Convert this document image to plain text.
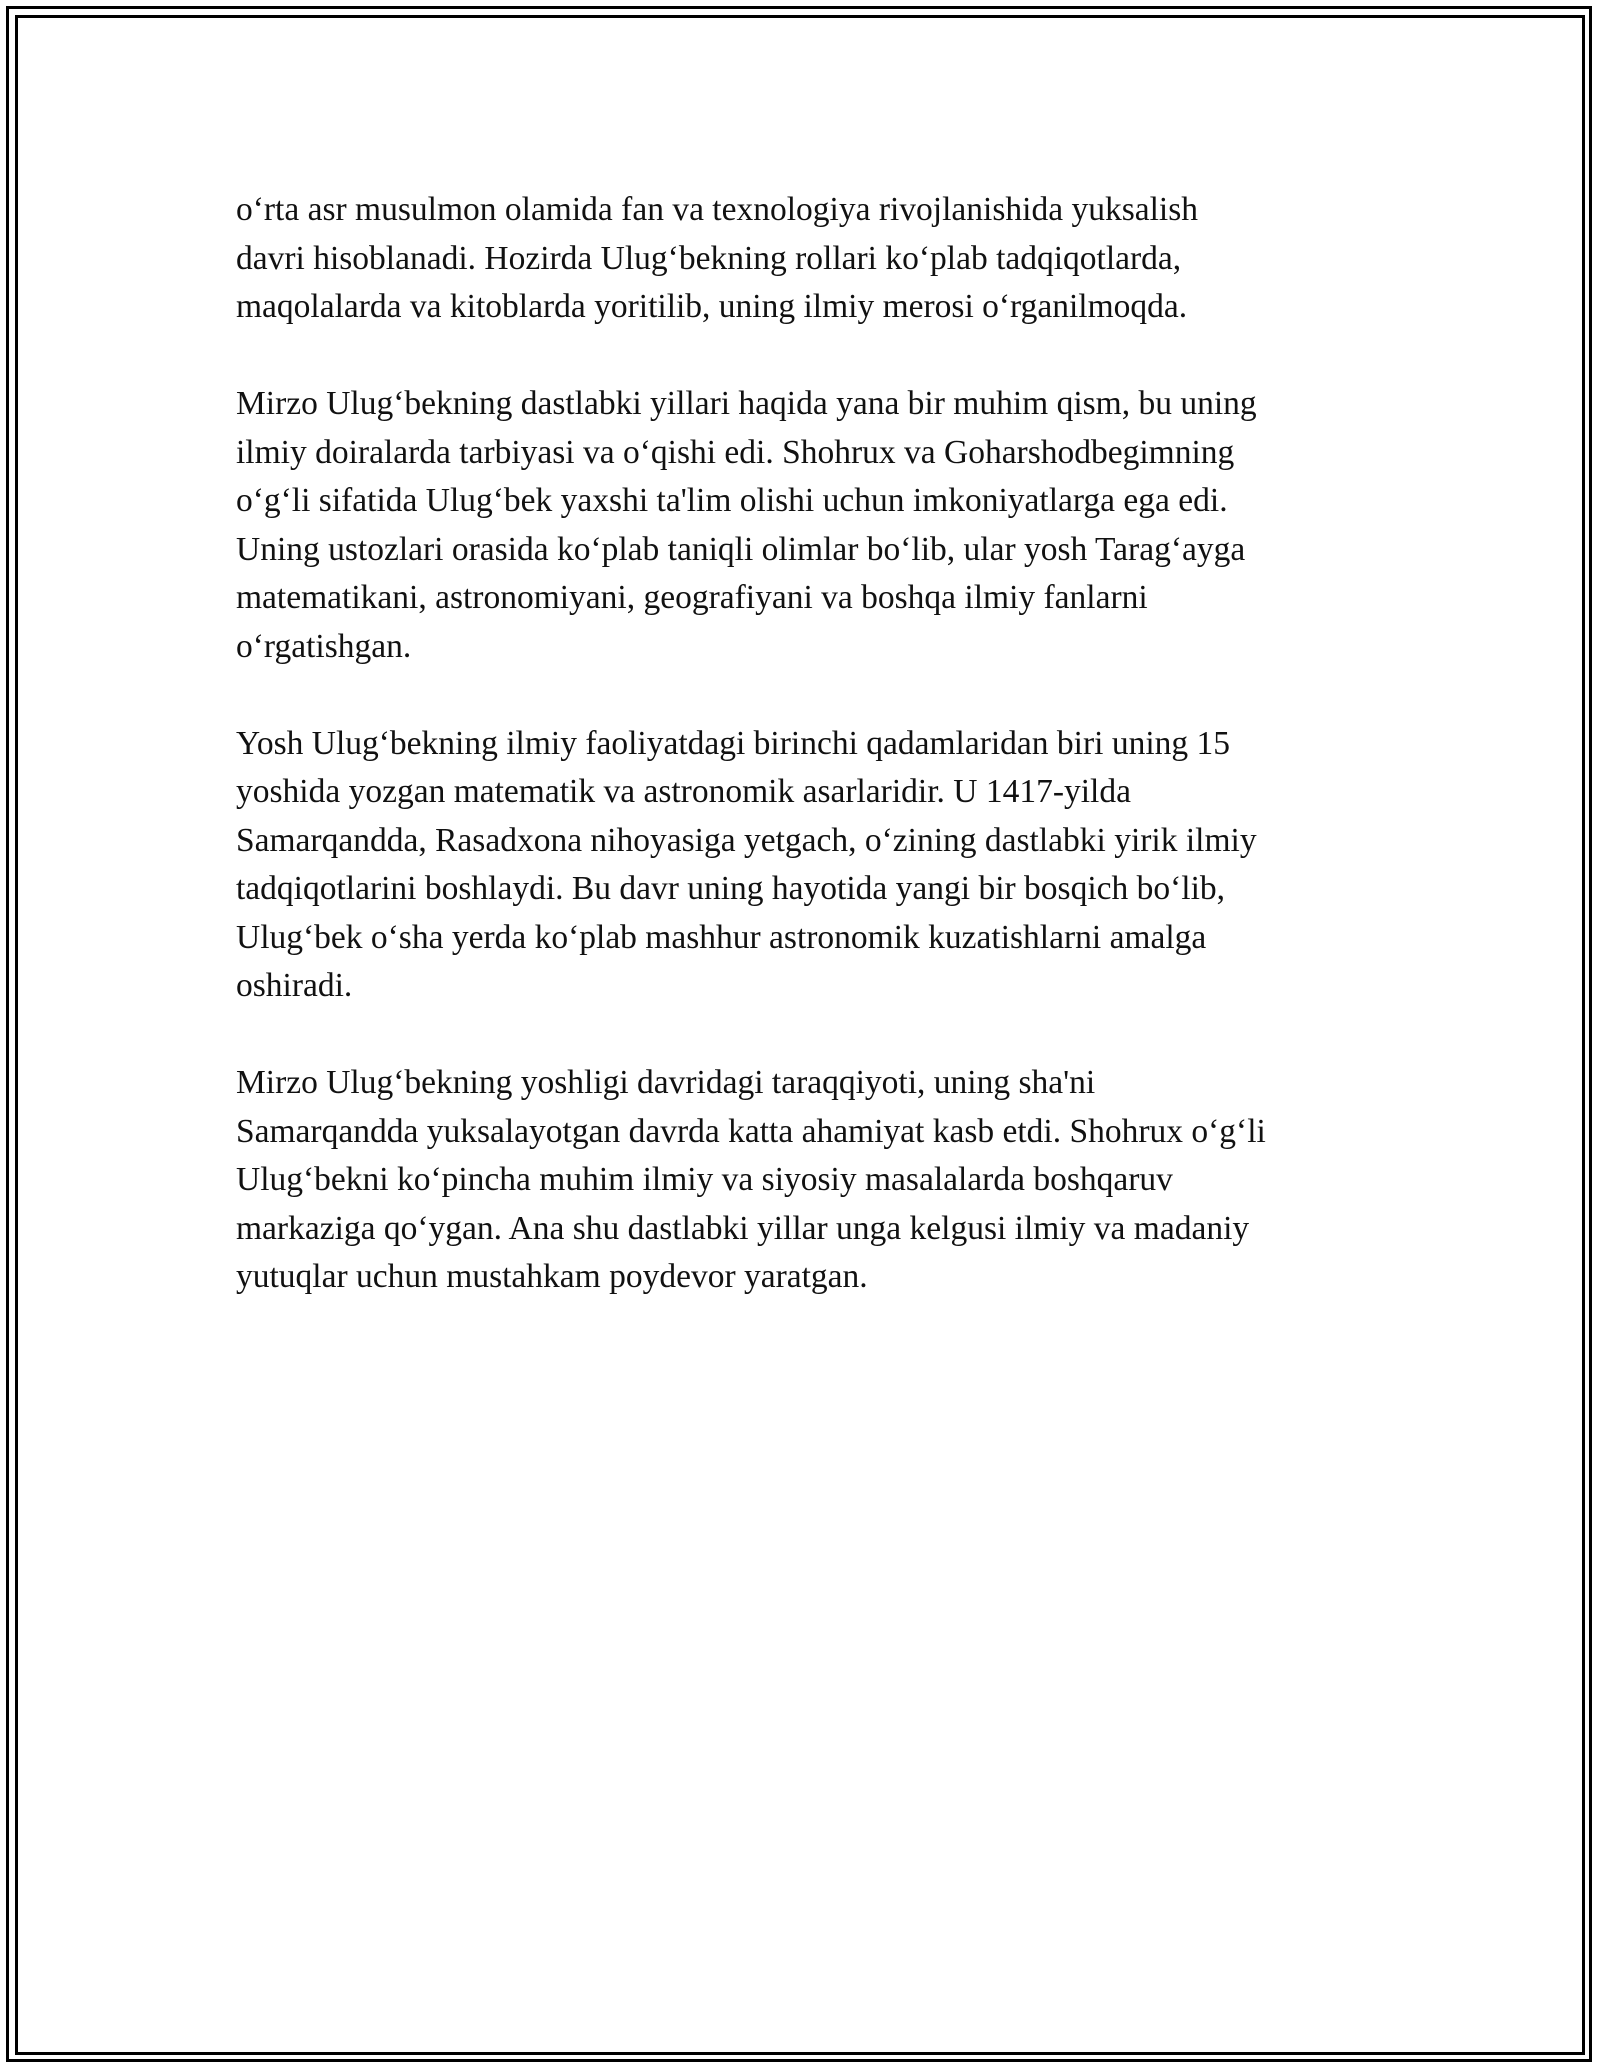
o‘rta asr musulmon olamida fan va texnologiya rivojlanishida yuksalish
davri hisoblanadi. Hozirda Ulug‘bekning rollari ko‘plab tadqiqotlarda,
maqolalarda va kitoblarda yoritilib, uning ilmiy merosi o‘rganilmoqda.

Mirzo Ulug‘bekning dastlabki yillari haqida yana bir muhim qism, bu uning
ilmiy doiralarda tarbiyasi va o‘qishi edi. Shohrux va Goharshodbegimning
o‘g‘li sifatida Ulug‘bek yaxshi ta'lim olishi uchun imkoniyatlarga ega edi.
Uning ustozlari orasida ko‘plab taniqli olimlar bo‘lib, ular yosh Tarag‘ayga
matematikani, astronomiyani, geografiyani va boshqa ilmiy fanlarni
o‘rgatishgan.

Yosh Ulug‘bekning ilmiy faoliyatdagi birinchi qadamlaridan biri uning 15
yoshida yozgan matematik va astronomik asarlaridir. U 1417-yilda
Samarqandda, Rasadxona nihoyasiga yetgach, o‘zining dastlabki yirik ilmiy
tadqiqotlarini boshlaydi. Bu davr uning hayotida yangi bir bosqich bo‘lib,
Ulug‘bek o‘sha yerda ko‘plab mashhur astronomik kuzatishlarni amalga
oshiradi.

Mirzo Ulug‘bekning yoshligi davridagi taraqqiyoti, uning sha'ni
Samarqandda yuksalayotgan davrda katta ahamiyat kasb etdi. Shohrux o‘g‘li
Ulug‘bekni ko‘pincha muhim ilmiy va siyosiy masalalarda boshqaruv
markaziga qo‘ygan. Ana shu dastlabki yillar unga kelgusi ilmiy va madaniy
yutuqlar uchun mustahkam poydevor yaratgan.
